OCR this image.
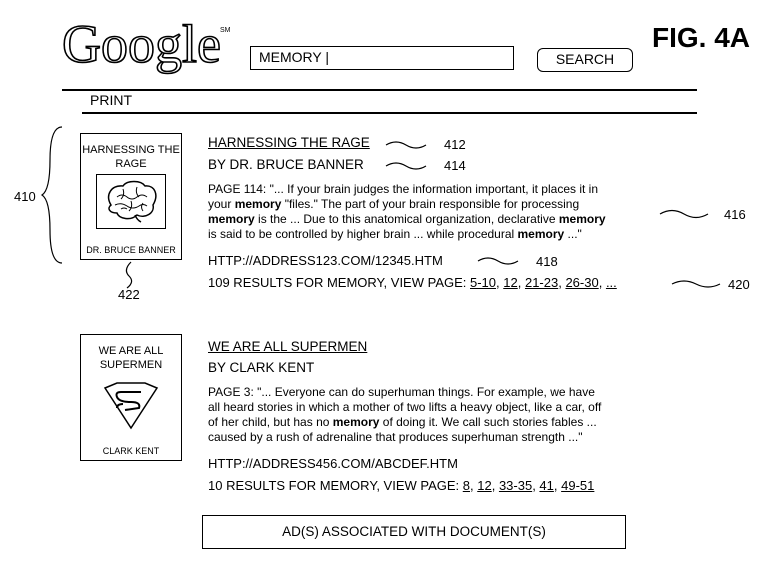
Google SM
MEMORY |	SEARCH
FIG. 4A
PRINT
HARNESSING THE RAGE
DR. BRUCE BANNER
HARNESSING THE RAGE
BY DR. BRUCE BANNER
PAGE 114: "... If your brain judges the information important, it places it in
your memory "files." The part of your brain responsible for processing
memory is the ... Due to this anatomical organization, declarative memory
is said to be controlled by higher brain ... while procedural memory ..."
HTTP://ADDRESS123.COM/12345.HTM
109 RESULTS FOR MEMORY, VIEW PAGE: 5-10, 12, 21-23, 26-30, ...
WE ARE ALL SUPERMEN
CLARK KENT
WE ARE ALL SUPERMEN
BY CLARK KENT
PAGE 3: "... Everyone can do superhuman things. For example, we have
all heard stories in which a mother of two lifts a heavy object, like a car, off
of her child, but has no memory of doing it. We call such stories fables ...
caused by a rush of adrenaline that produces superhuman strength ..."
HTTP://ADDRESS456.COM/ABCDEF.HTM
10 RESULTS FOR MEMORY, VIEW PAGE: 8, 12, 33-35, 41, 49-51
AD(S) ASSOCIATED WITH DOCUMENT(S)
410
412
414
416
418
420
422
